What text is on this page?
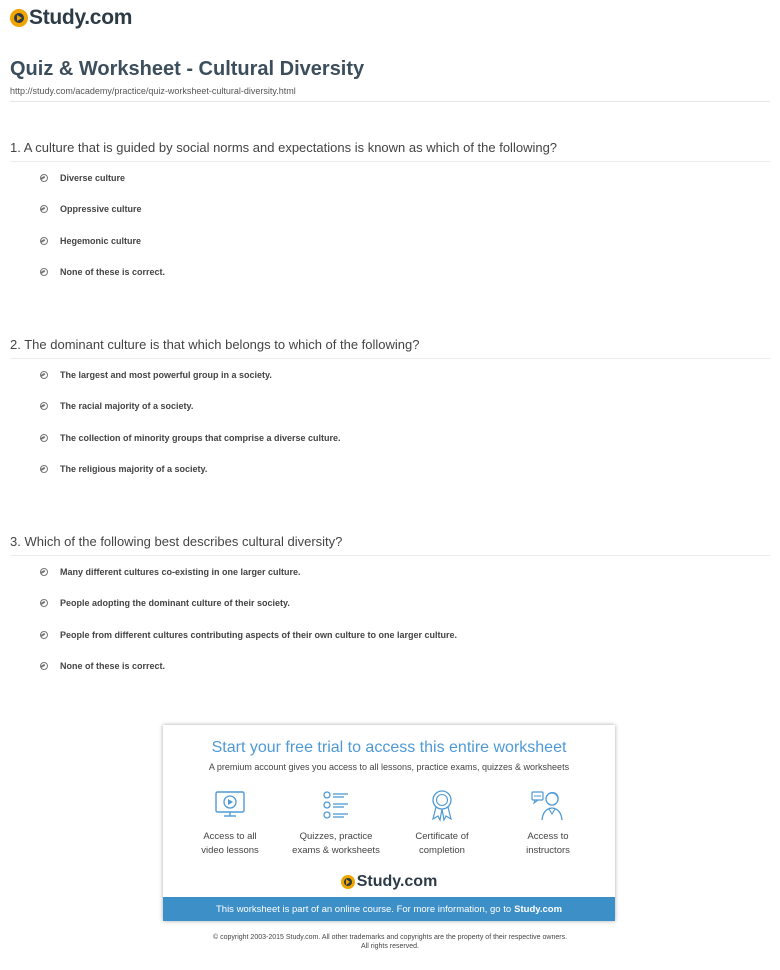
Study.com
Quiz & Worksheet - Cultural Diversity
http://study.com/academy/practice/quiz-worksheet-cultural-diversity.html
1. A culture that is guided by social norms and expectations is known as which of the following?
Diverse culture
Oppressive culture
Hegemonic culture
None of these is correct.
2. The dominant culture is that which belongs to which of the following?
The largest and most powerful group in a society.
The racial majority of a society.
The collection of minority groups that comprise a diverse culture.
The religious majority of a society.
3. Which of the following best describes cultural diversity?
Many different cultures co-existing in one larger culture.
People adopting the dominant culture of their society.
People from different cultures contributing aspects of their own culture to one larger culture.
None of these is correct.
Start your free trial to access this entire worksheet
A premium account gives you access to all lessons, practice exams, quizzes & worksheets
Access to all
video lessons
Quizzes, practice
exams & worksheets
Certificate of
completion
Access to
instructors
Study.com
This worksheet is part of an online course. For more information, go to Study.com
© copyright 2003-2015 Study.com. All other trademarks and copyrights are the property of their respective owners.
All rights reserved.
